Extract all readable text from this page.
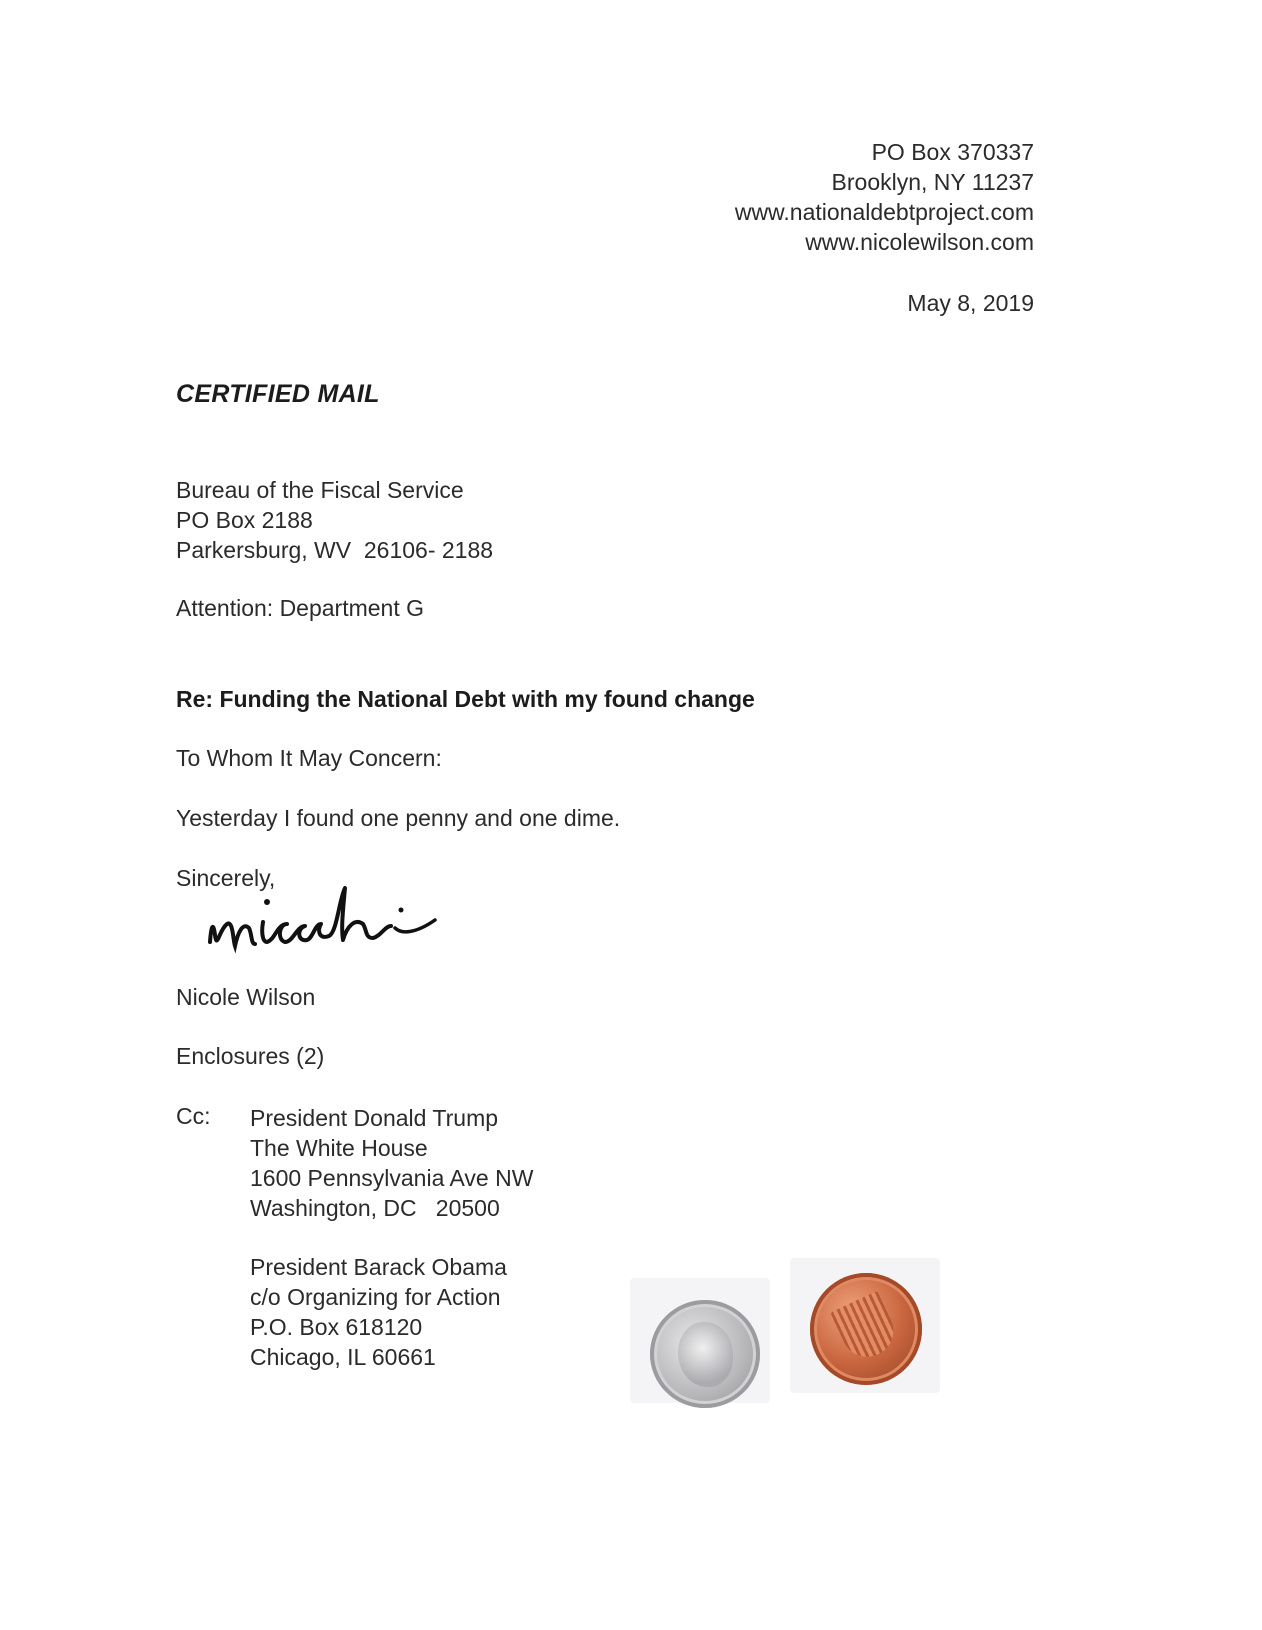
PO Box 370337
Brooklyn, NY 11237
www.nationaldebtproject.com
www.nicolewilson.com
May 8, 2019
CERTIFIED MAIL
Bureau of the Fiscal Service
PO Box 2188
Parkersburg, WV  26106- 2188
Attention: Department G
Re: Funding the National Debt with my found change
To Whom It May Concern:
Yesterday I found one penny and one dime.
Sincerely,
Nicole Wilson
Enclosures (2)
Cc: President Donald Trump
The White House
1600 Pennsylvania Ave NW
Washington, DC   20500
President Barack Obama
c/o Organizing for Action
P.O. Box 618120
Chicago, IL 60661
